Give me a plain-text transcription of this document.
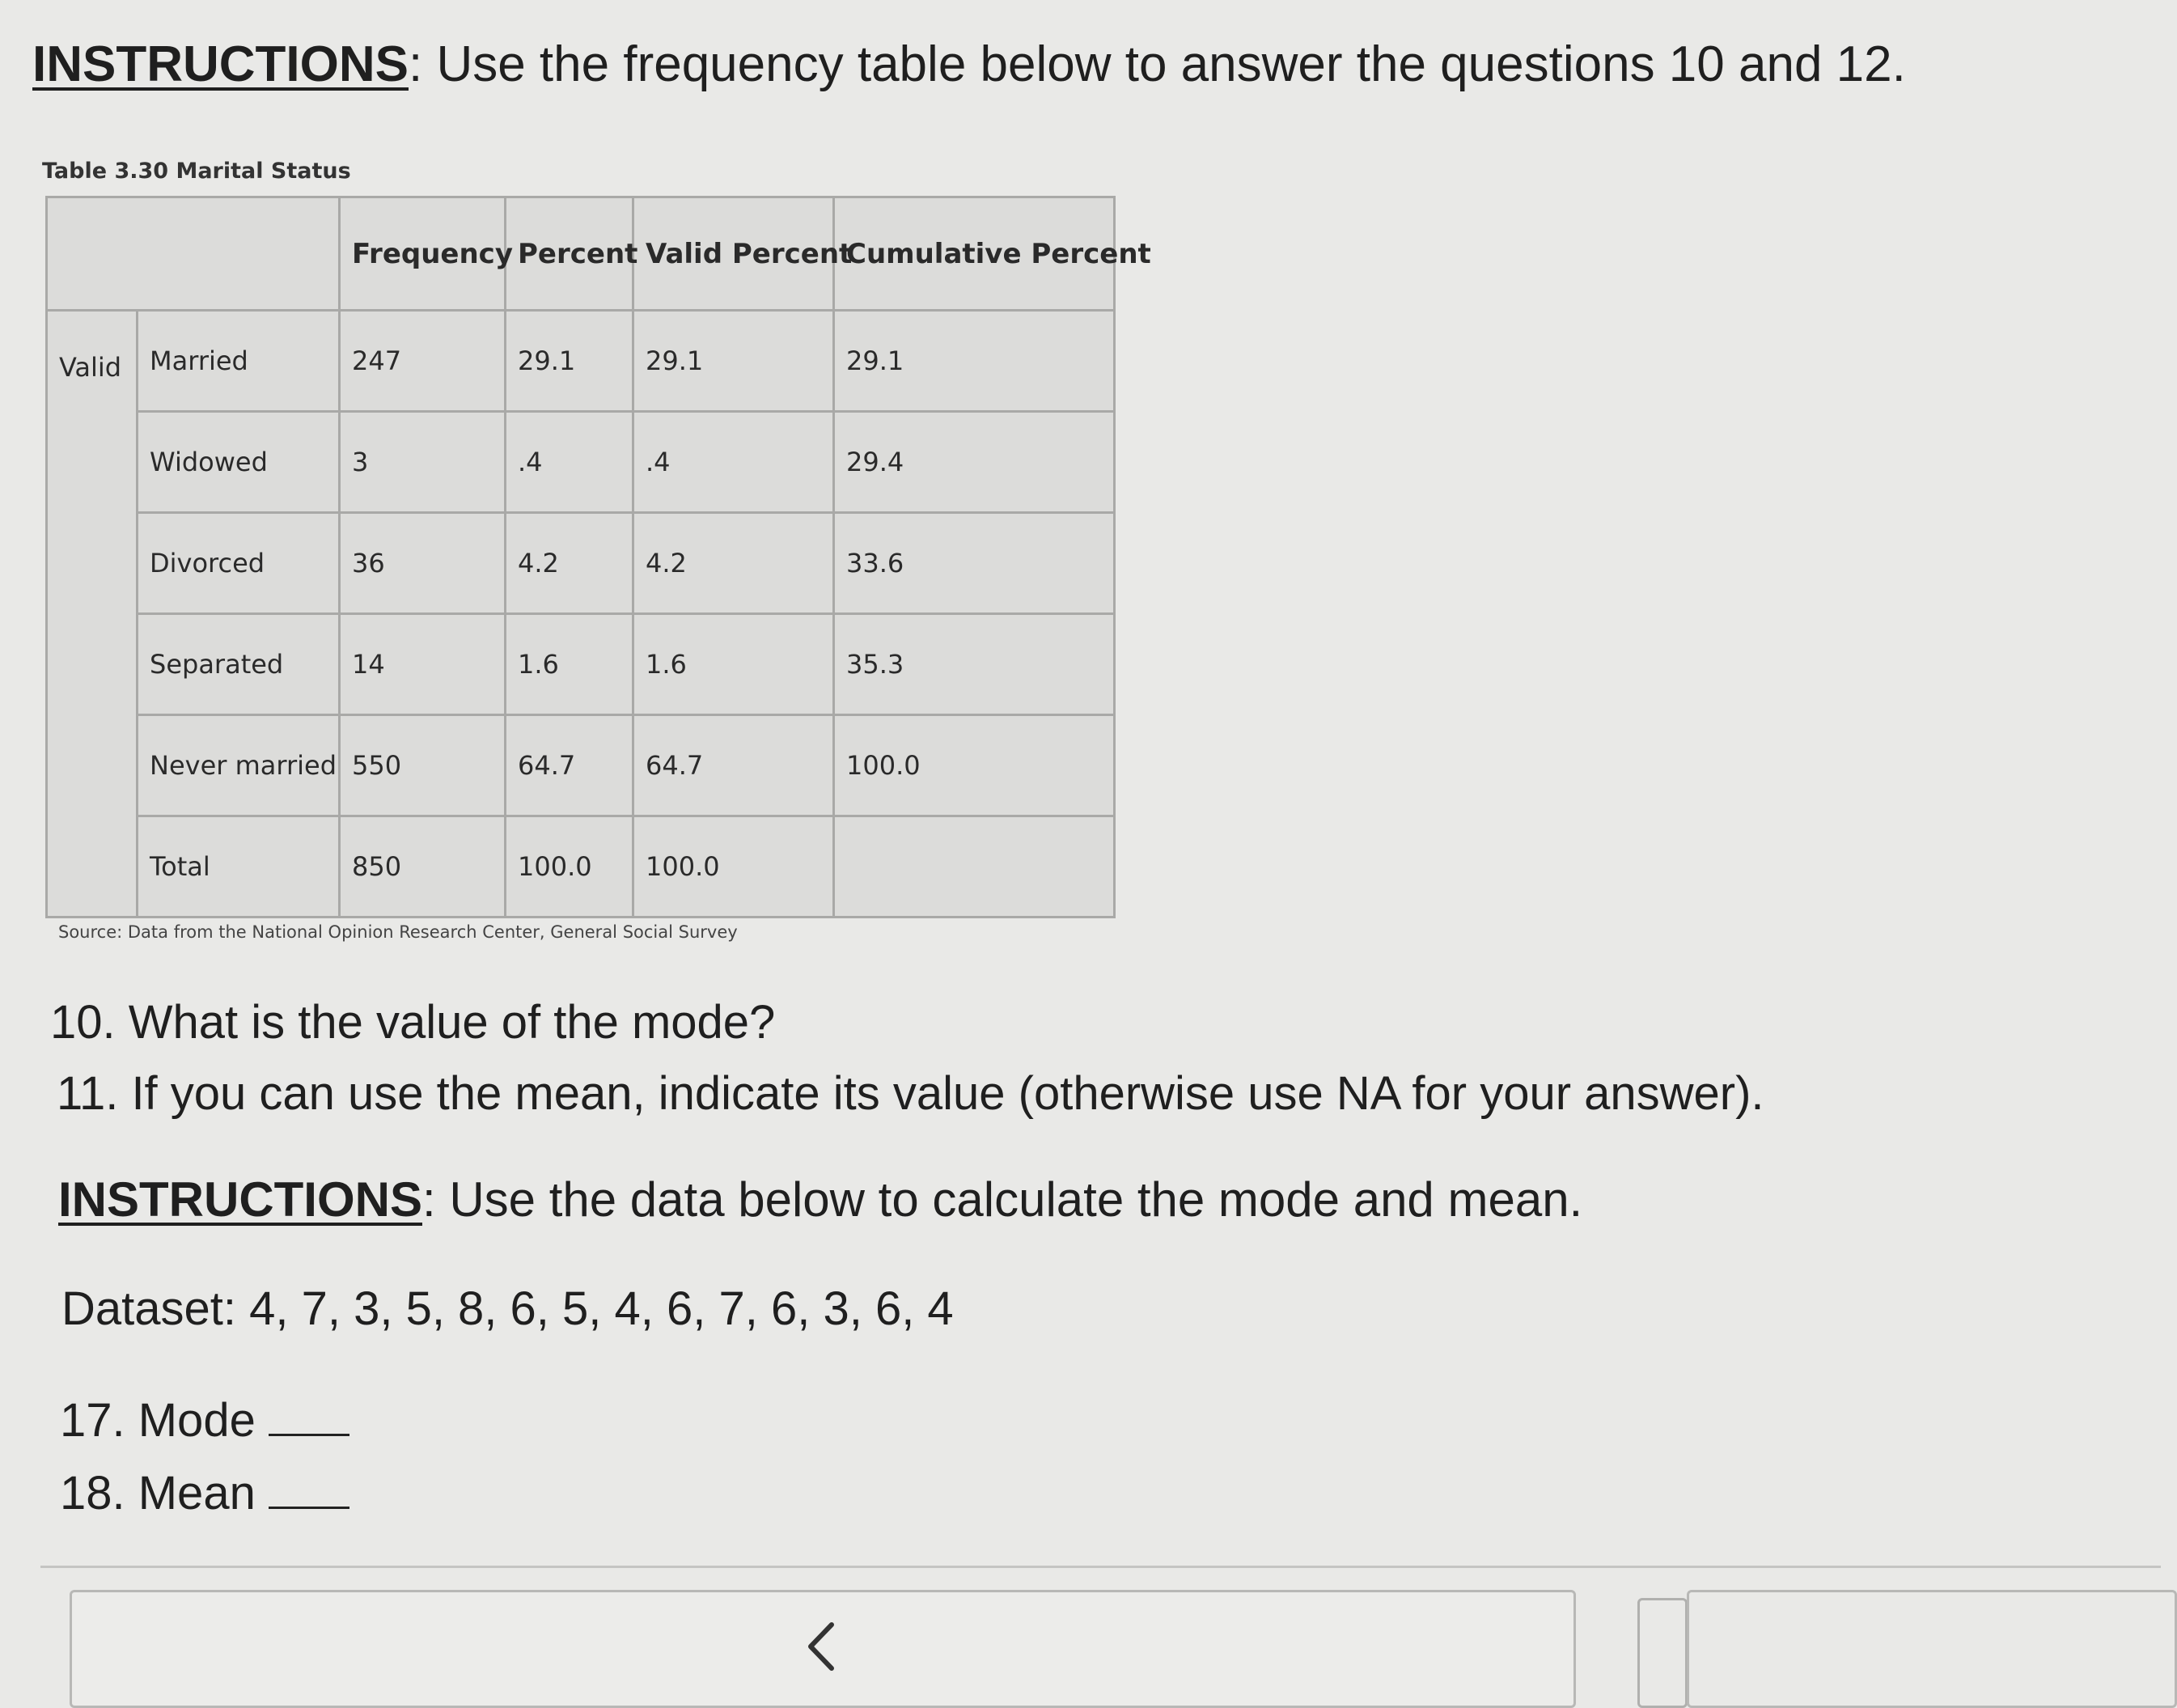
INSTRUCTIONS: Use the frequency table below to answer the questions 10 and 12.
Table 3.30 Marital Status
		Frequency	Percent	Valid Percent	Cumulative Percent
Valid	Married	247	29.1	29.1	29.1
	Widowed	3	.4	.4	29.4
	Divorced	36	4.2	4.2	33.6
	Separated	14	1.6	1.6	35.3
	Never married	550	64.7	64.7	100.0
	Total	850	100.0	100.0	
Source: Data from the National Opinion Research Center, General Social Survey
10. What is the value of the mode?
11. If you can use the mean, indicate its value (otherwise use NA for your answer).
INSTRUCTIONS: Use the data below to calculate the mode and mean.
Dataset: 4, 7, 3, 5, 8, 6, 5, 4, 6, 7, 6, 3, 6, 4
17. Mode
18. Mean
